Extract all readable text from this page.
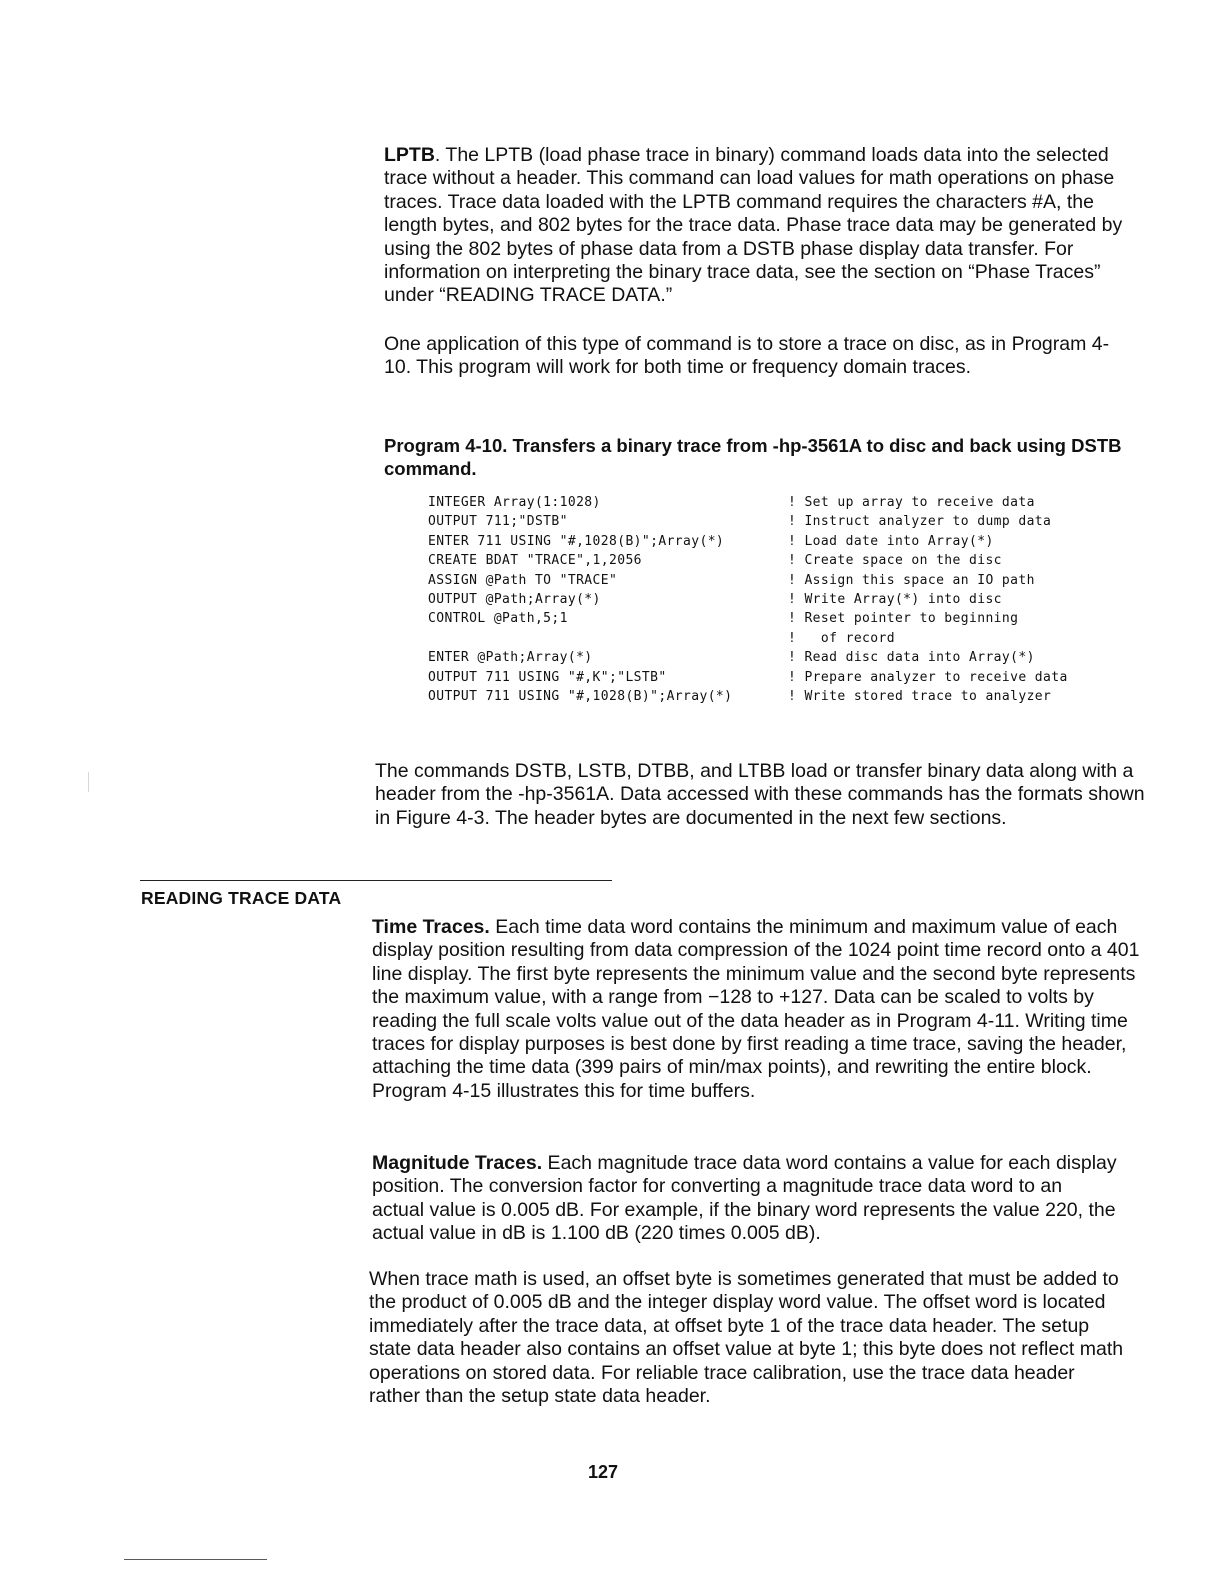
LPTB. The LPTB (load phase trace in binary) command loads data into the selected trace without a header. This command can load values for math operations on phase traces. Trace data loaded with the LPTB command requires the characters #A, the length bytes, and 802 bytes for the trace data. Phase trace data may be generated by using the 802 bytes of phase data from a DSTB phase display data transfer. For information on interpreting the binary trace data, see the section on “Phase Traces” under “READING TRACE DATA.”

One application of this type of command is to store a trace on disc, as in Program 4-10. This program will work for both time or frequency domain traces.

Program 4-10. Transfers a binary trace from -hp-3561A to disc and back using DSTB command.

INTEGER Array(1:1028)	! Set up array to receive data
OUTPUT 711;"DSTB"	! Instruct analyzer to dump data
ENTER 711 USING "#,1028(B)";Array(*)	! Load date into Array(*)
CREATE BDAT "TRACE",1,2056	! Create space on the disc
ASSIGN @Path TO "TRACE"	! Assign this space an IO path
OUTPUT @Path;Array(*)	! Write Array(*) into disc
CONTROL @Path,5;1	! Reset pointer to beginning
!   of record
ENTER @Path;Array(*)	! Read disc data into Array(*)
OUTPUT 711 USING "#,K";"LSTB"	! Prepare analyzer to receive data
OUTPUT 711 USING "#,1028(B)";Array(*)	! Write stored trace to analyzer

The commands DSTB, LSTB, DTBB, and LTBB load or transfer binary data along with a header from the -hp-3561A. Data accessed with these commands has the formats shown in Figure 4-3. The header bytes are documented in the next few sections.

READING TRACE DATA

Time Traces. Each time data word contains the minimum and maximum value of each display position resulting from data compression of the 1024 point time record onto a 401 line display. The first byte represents the minimum value and the second byte represents the maximum value, with a range from −128 to +127. Data can be scaled to volts by reading the full scale volts value out of the data header as in Program 4-11. Writing time traces for display purposes is best done by first reading a time trace, saving the header, attaching the time data (399 pairs of min/max points), and rewriting the entire block. Program 4-15 illustrates this for time buffers.

Magnitude Traces. Each magnitude trace data word contains a value for each display position. The conversion factor for converting a magnitude trace data word to an actual value is 0.005 dB. For example, if the binary word represents the value 220, the actual value in dB is 1.100 dB (220 times 0.005 dB).

When trace math is used, an offset byte is sometimes generated that must be added to the product of 0.005 dB and the integer display word value. The offset word is located immediately after the trace data, at offset byte 1 of the trace data header. The setup state data header also contains an offset value at byte 1; this byte does not reflect math operations on stored data. For reliable trace calibration, use the trace data header rather than the setup state data header.

127
